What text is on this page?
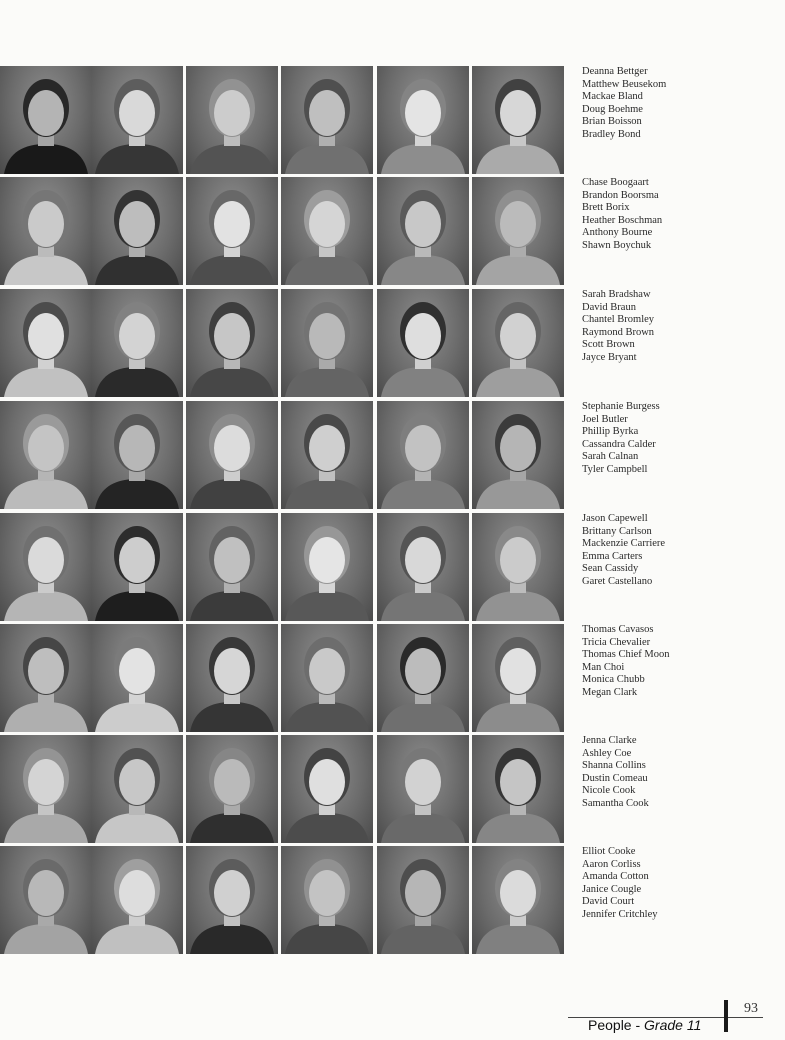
Deanna Bettger
Matthew Beusekom
Mackae Bland
Doug Boehme
Brian Boisson
Bradley Bond
Chase Boogaart
Brandon Boorsma
Brett Borix
Heather Boschman
Anthony Bourne
Shawn Boychuk
Sarah Bradshaw
David Braun
Chantel Bromley
Raymond Brown
Scott Brown
Jayce Bryant
Stephanie Burgess
Joel Butler
Phillip Byrka
Cassandra Calder
Sarah Calnan
Tyler Campbell
Jason Capewell
Brittany Carlson
Mackenzie Carriere
Emma Carters
Sean Cassidy
Garet Castellano
Thomas Cavasos
Tricia Chevalier
Thomas Chief Moon
Man Choi
Monica Chubb
Megan Clark
Jenna Clarke
Ashley Coe
Shanna Collins
Dustin Comeau
Nicole Cook
Samantha Cook
Elliot Cooke
Aaron Corliss
Amanda Cotton
Janice Cougle
David Court
Jennifer Critchley
93
People - Grade 11
